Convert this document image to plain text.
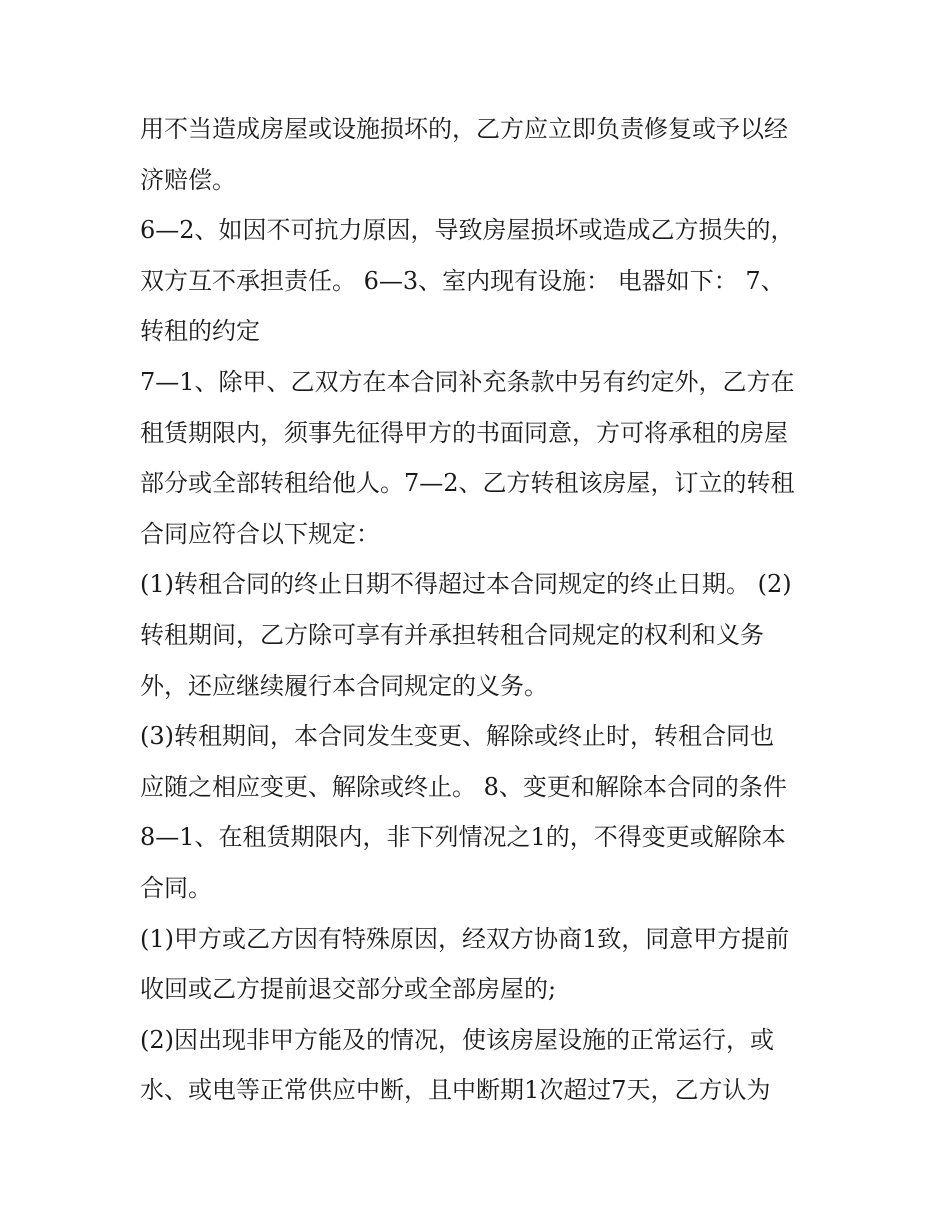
用不当造成房屋或设施损坏的，乙方应立即负责修复或予以经
济赔偿。
6—2、如因不可抗力原因，导致房屋损坏或造成乙方损失的，
双方互不承担责任。 6—3、室内现有设施： 电器如下： 7、
转租的约定
7—1、除甲、乙双方在本合同补充条款中另有约定外，乙方在
租赁期限内，须事先征得甲方的书面同意，方可将承租的房屋
部分或全部转租给他人。7—2、乙方转租该房屋，订立的转租
合同应符合以下规定：
(1)转租合同的终止日期不得超过本合同规定的终止日期。 (2)
转租期间，乙方除可享有并承担转租合同规定的权利和义务
外，还应继续履行本合同规定的义务。
(3)转租期间，本合同发生变更、解除或终止时，转租合同也
应随之相应变更、解除或终止。 8、变更和解除本合同的条件
8—1、在租赁期限内，非下列情况之1的，不得变更或解除本
合同。
(1)甲方或乙方因有特殊原因，经双方协商1致，同意甲方提前
收回或乙方提前退交部分或全部房屋的;
(2)因出现非甲方能及的情况，使该房屋设施的正常运行，或
水、或电等正常供应中断，且中断期1次超过7天，乙方认为
